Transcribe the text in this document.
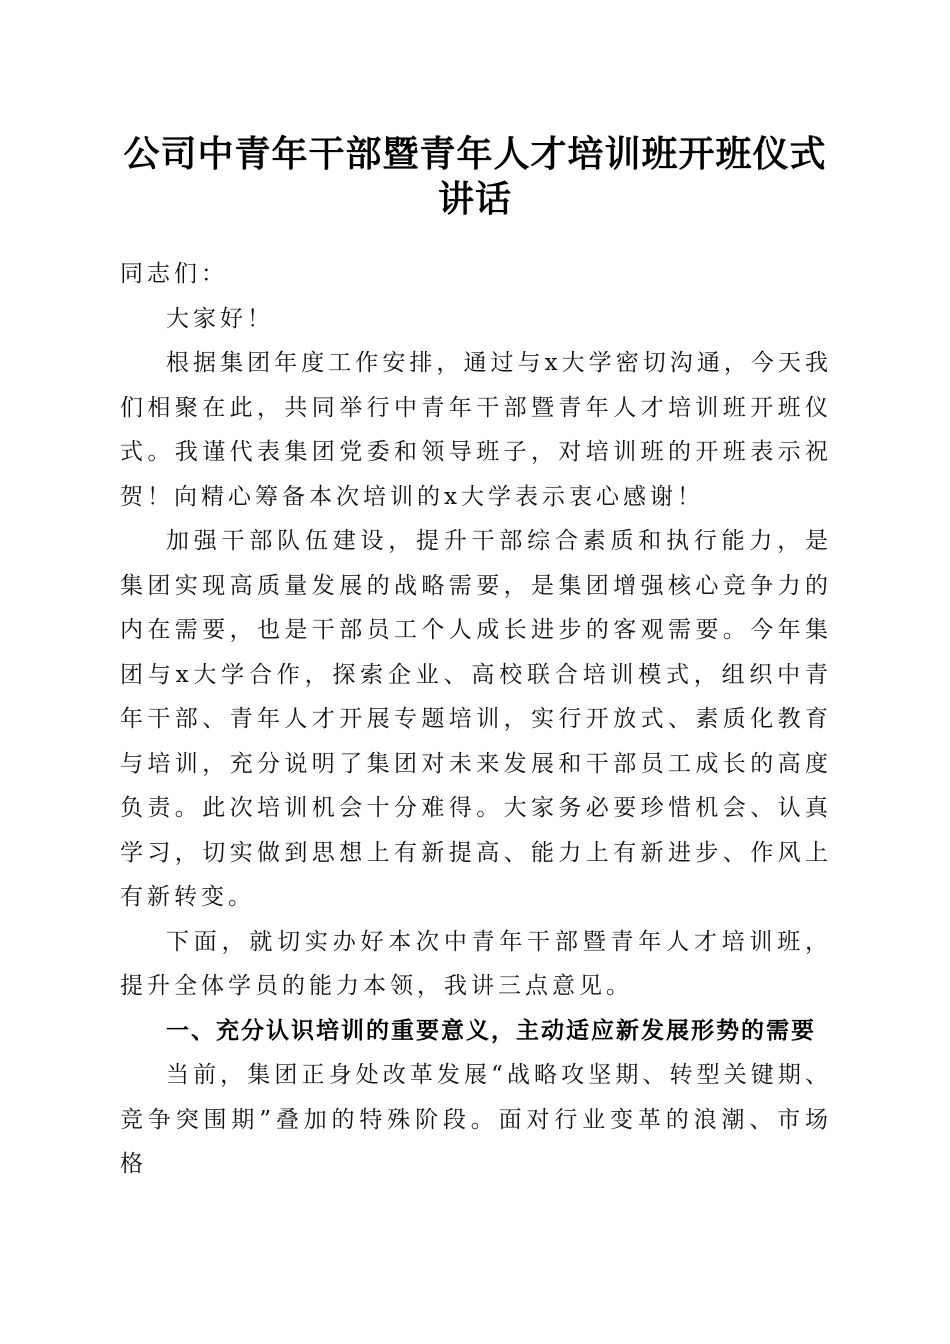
公司中青年干部暨青年人才培训班开班仪式讲话

同志们：

大家好！

根据集团年度工作安排，通过与x大学密切沟通，今天我们相聚在此，共同举行中青年干部暨青年人才培训班开班仪式。我谨代表集团党委和领导班子，对培训班的开班表示祝贺！向精心筹备本次培训的x大学表示衷心感谢！

加强干部队伍建设，提升干部综合素质和执行能力，是集团实现高质量发展的战略需要，是集团增强核心竞争力的内在需要，也是干部员工个人成长进步的客观需要。今年集团与x大学合作，探索企业、高校联合培训模式，组织中青年干部、青年人才开展专题培训，实行开放式、素质化教育与培训，充分说明了集团对未来发展和干部员工成长的高度负责。此次培训机会十分难得。大家务必要珍惜机会、认真学习，切实做到思想上有新提高、能力上有新进步、作风上有新转变。

下面，就切实办好本次中青年干部暨青年人才培训班，提升全体学员的能力本领，我讲三点意见。

一、充分认识培训的重要意义，主动适应新发展形势的需要

当前，集团正身处改革发展“战略攻坚期、转型关键期、竞争突围期”叠加的特殊阶段。面对行业变革的浪潮、市场格
